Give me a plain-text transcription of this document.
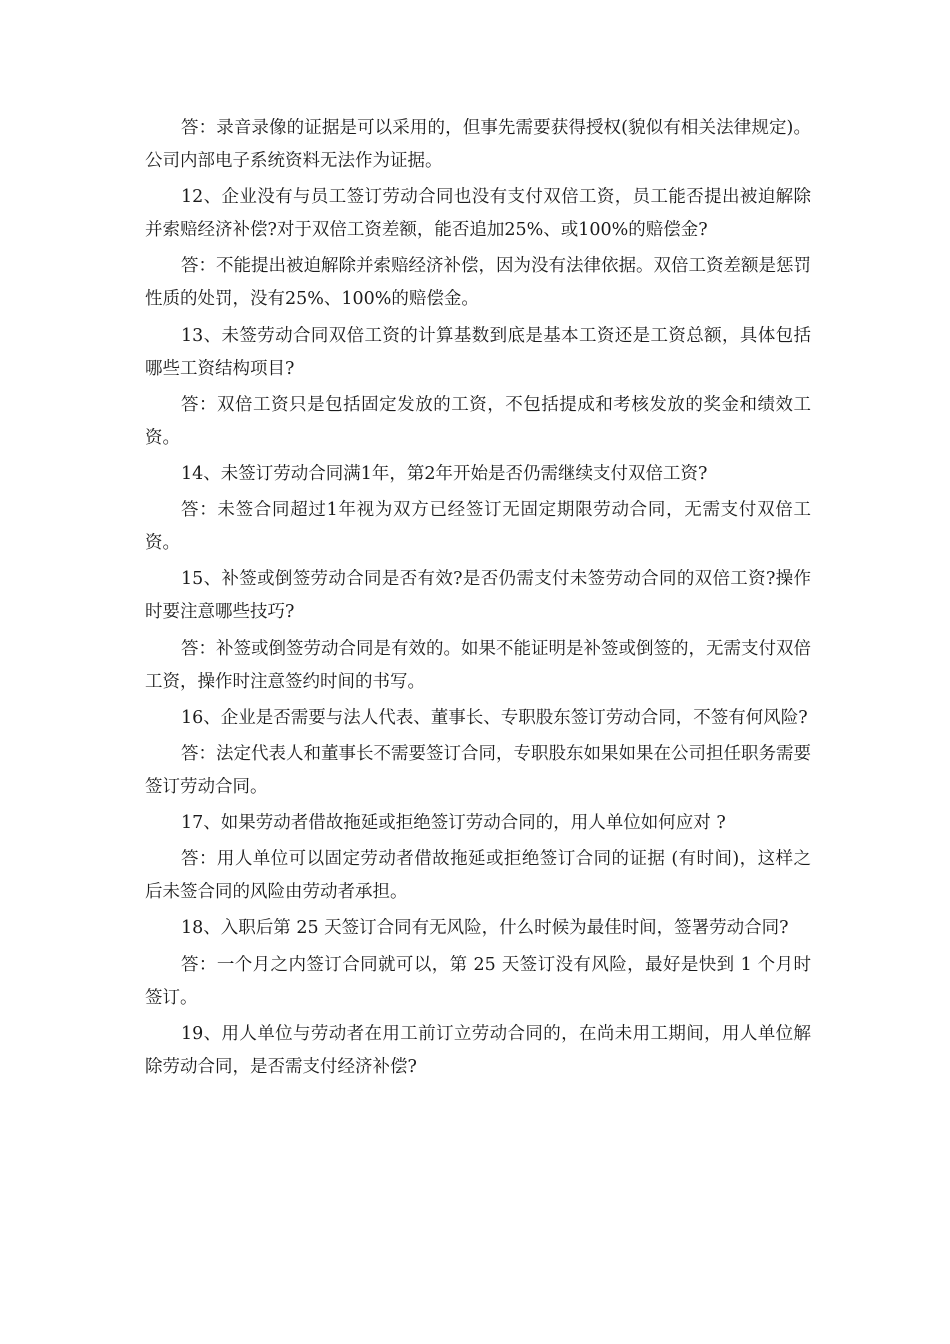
答：录音录像的证据是可以采用的，但事先需要获得授权(貌似有相关法律规定)。公司内部电子系统资料无法作为证据。

12、企业没有与员工签订劳动合同也没有支付双倍工资，员工能否提出被迫解除并索赔经济补偿?对于双倍工资差额，能否追加25%、或100%的赔偿金?

答：不能提出被迫解除并索赔经济补偿，因为没有法律依据。双倍工资差额是惩罚性质的处罚，没有25%、100%的赔偿金。

13、未签劳动合同双倍工资的计算基数到底是基本工资还是工资总额，具体包括哪些工资结构项目?

答：双倍工资只是包括固定发放的工资，不包括提成和考核发放的奖金和绩效工资。

14、未签订劳动合同满1年，第2年开始是否仍需继续支付双倍工资?

答：未签合同超过1年视为双方已经签订无固定期限劳动合同，无需支付双倍工资。

15、补签或倒签劳动合同是否有效?是否仍需支付未签劳动合同的双倍工资?操作时要注意哪些技巧?

答：补签或倒签劳动合同是有效的。如果不能证明是补签或倒签的，无需支付双倍工资，操作时注意签约时间的书写。

16、企业是否需要与法人代表、董事长、专职股东签订劳动合同，不签有何风险?

答：法定代表人和董事长不需要签订合同，专职股东如果如果在公司担任职务需要签订劳动合同。

17、如果劳动者借故拖延或拒绝签订劳动合同的，用人单位如何应对 ?

答：用人单位可以固定劳动者借故拖延或拒绝签订合同的证据 (有时间)，这样之后未签合同的风险由劳动者承担。

18、入职后第 25 天签订合同有无风险，什么时候为最佳时间，签署劳动合同?

答：一个月之内签订合同就可以，第 25 天签订没有风险，最好是快到 1 个月时签订。

19、用人单位与劳动者在用工前订立劳动合同的，在尚未用工期间，用人单位解除劳动合同，是否需支付经济补偿?
